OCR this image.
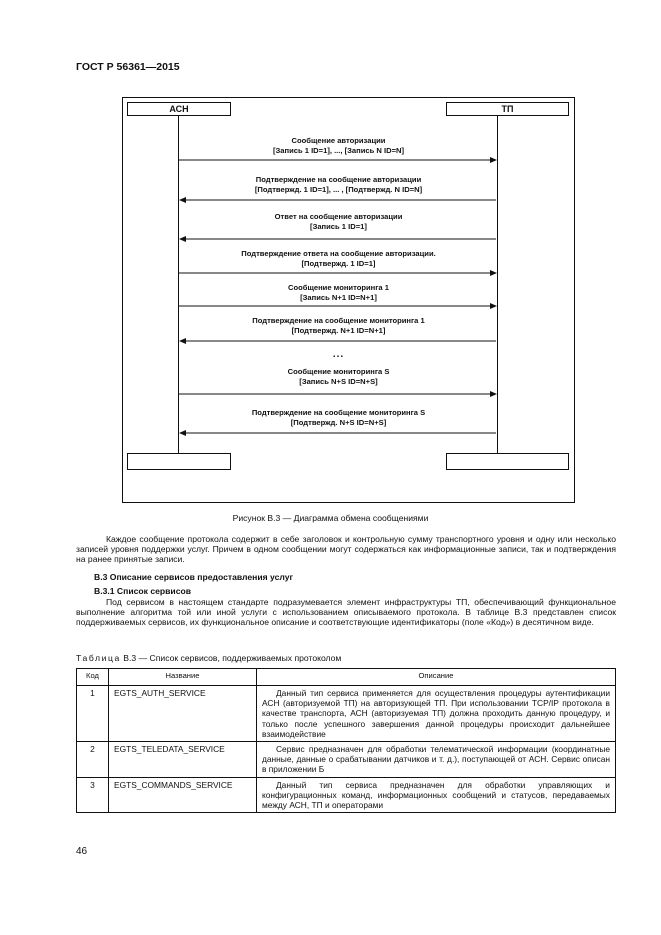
ГОСТ Р 56361—2015
АСН	ТП
Сообщение авторизации
[Запись 1 ID=1], ..., [Запись N ID=N]
Подтверждение на сообщение авторизации
[Подтвержд. 1 ID=1], ... , [Подтвержд. N ID=N]
Ответ на сообщение авторизации
[Запись 1 ID=1]
Подтверждение ответа на сообщение авторизации.
[Подтвержд. 1 ID=1]
Сообщение мониторинга 1
[Запись N+1 ID=N+1]
Подтверждение на сообщение мониторинга 1
[Подтвержд. N+1 ID=N+1]
...
Сообщение мониторинга S
[Запись N+S ID=N+S]
Подтверждение на сообщение мониторинга S
[Подтвержд. N+S ID=N+S]
Рисунок В.3 — Диаграмма обмена сообщениями
Каждое сообщение протокола содержит в себе заголовок и контрольную сумму транспортного уровня и одну или несколько записей уровня поддержки услуг. Причем в одном сообщении могут содержаться как информационные записи, так и подтверждения на ранее принятые записи.
В.3 Описание сервисов предоставления услуг
В.3.1 Список сервисов
Под сервисом в настоящем стандарте подразумевается элемент инфраструктуры ТП, обеспечивающий функциональное выполнение алгоритма той или иной услуги с использованием описываемого протокола. В таблице В.3 представлен список поддерживаемых сервисов, их функциональное описание и соответствующие идентификаторы (поле «Код») в десятичном виде.
Таблица В.3 — Список сервисов, поддерживаемых протоколом
Код	Название	Описание
1	EGTS_AUTH_SERVICE	Данный тип сервиса применяется для осуществления процедуры аутентификации АСН (авторизуемой ТП) на авторизующей ТП. При использовании TCP/IP протокола в качестве транспорта, АСН (авторизуемая ТП) должна проходить данную процедуру, и только после успешного завершения данной процедуры происходит дальнейшее взаимодействие
2	EGTS_TELEDATA_SERVICE	Сервис предназначен для обработки телематической информации (координатные данные, данные о срабатывании датчиков и т. д.), поступающей от АСН. Сервис описан в приложении Б
3	EGTS_COMMANDS_SERVICE	Данный тип сервиса предназначен для обработки управляющих и конфигурационных команд, информационных сообщений и статусов, передаваемых между АСН, ТП и операторами
46
